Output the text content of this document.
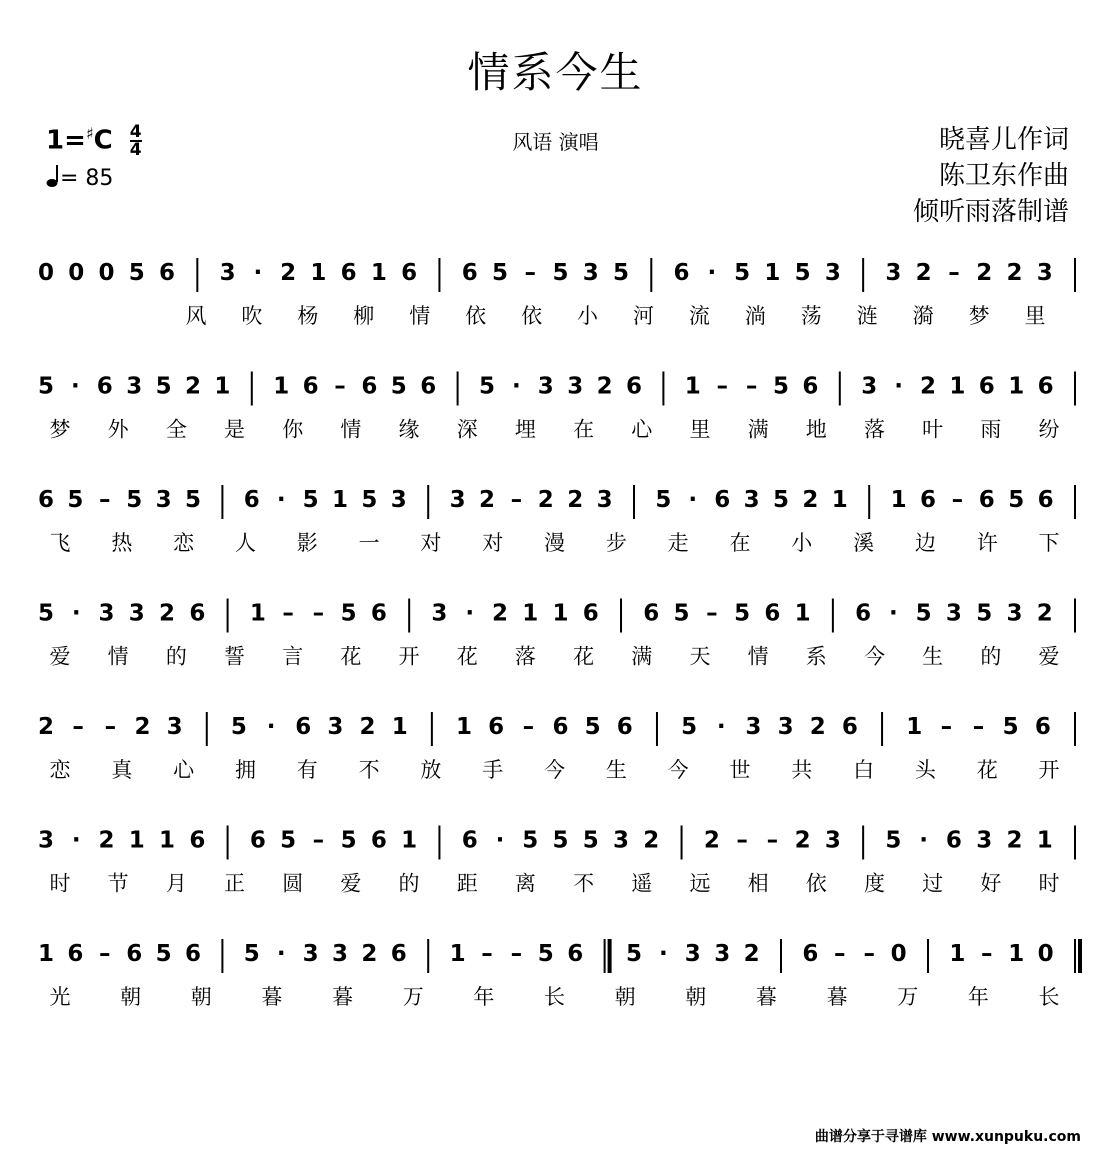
情系今生
$1=^♯C \frac{4}{4}$
= 85
风语 演唱	晓喜儿作词
陈卫东作曲
倾听雨落制谱
0 0 0 5 6 3 · 2 1 6 1 6 6 5 – 5 3 5 6 · 5 1 5 3 3 2 – 2 2 3
风 吹 杨 柳 情 依 依 小 河 流 淌 荡 涟 漪 梦 里
5 · 6 3 5 2 1 1 6 – 6 5 6 5 · 3 3 2 6 1 – – 5 6 3 · 2 1 6 1 6
梦 外 全 是 你 情 缘 深 埋 在 心 里 满 地 落 叶 雨 纷
6 5 – 5 3 5 6 · 5 1 5 3 3 2 – 2 2 3 5 · 6 3 5 2 1 1 6 – 6 5 6
飞 热 恋 人 影 一 对 对 漫 步 走 在 小 溪 边 许 下
5 · 3 3 2 6 1 – – 5 6 3 · 2 1 1 6 6 5 – 5 6 1 6 · 5 3 5 3 2
爱 情 的 誓 言 花 开 花 落 花 满 天 情 系 今 生 的 爱
2 – – 2 3 5 · 6 3 2 1 1 6 – 6 5 6 5 · 3 3 2 6 1 – – 5 6
恋 真 心 拥 有 不 放 手 今 生 今 世 共 白 头 花 开
3 · 2 1 1 6 6 5 – 5 6 1 6 · 5 5 5 3 2 2 – – 2 3 5 · 6 3 2 1
时 节 月 正 圆 爱 的 距 离 不 遥 远 相 依 度 过 好 时
1 6 – 6 5 6 5 · 3 3 2 6 1 – – 5 6 5 · 3 3 2 6 – – 0 1 – 1 0
光 朝 朝 暮 暮 万 年 长 朝 朝 暮 暮 万 年 长
曲谱分享于寻谱库 www.xunpuku.com
